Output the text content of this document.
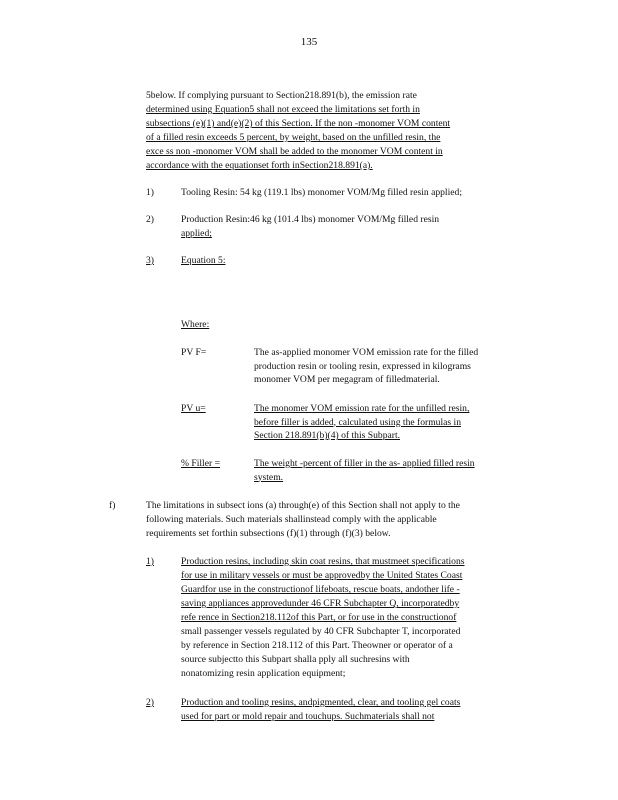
135
5below. If complying pursuant to Section218.891(b), the emission rate
determined using Equation5 shall not exceed the limitations set forth in
subsections (e)(1) and(e)(2) of this Section. If the non -monomer VOM content
of a filled resin exceeds 5 percent, by weight, based on the unfilled resin, the
exce ss non -monomer VOM shall be added to the monomer VOM content in
accordance with the equationset forth inSection218.891(a).
1)	Tooling Resin: 54 kg (119.1 lbs) monomer VOM/Mg filled resin applied;
2)	Production Resin:46 kg (101.4 lbs) monomer VOM/Mg filled resin
applied;
3)	Equation 5:
Where:
PV F=	The as-applied monomer VOM emission rate for the filled
production resin or tooling resin, expressed in kilograms
monomer VOM per megagram of filledmaterial.
PV u=	The monomer VOM emission rate for the unfilled resin,
before filler is added, calculated using the formulas in
Section 218.891(b)(4) of this Subpart.
% Filler =	The weight -percent of filler in the as- applied filled resin
system.
f)	The limitations in subsect ions (a) through(e) of this Section shall not apply to the
following materials. Such materials shallinstead comply with the applicable
requirements set forthin subsections (f)(1) through (f)(3) below.
1)	Production resins, including skin coat resins, that mustmeet specifications
for use in military vessels or must be approvedby the United States Coast
Guardfor use in the constructionof lifeboats, rescue boats, andother life -
saving appliances approvedunder 46 CFR Subchapter Q, incorporatedby
refe rence in Section218.112of this Part, or for use in the constructionof
small passenger vessels regulated by 40 CFR Subchapter T, incorporated
by reference in Section 218.112 of this Part. Theowner or operator of a
source subjectto this Subpart shalla pply all suchresins with
nonatomizing resin application equipment;
2)	Production and tooling resins, andpigmented, clear, and tooling gel coats
used for part or mold repair and touchups. Suchmaterials shall not
